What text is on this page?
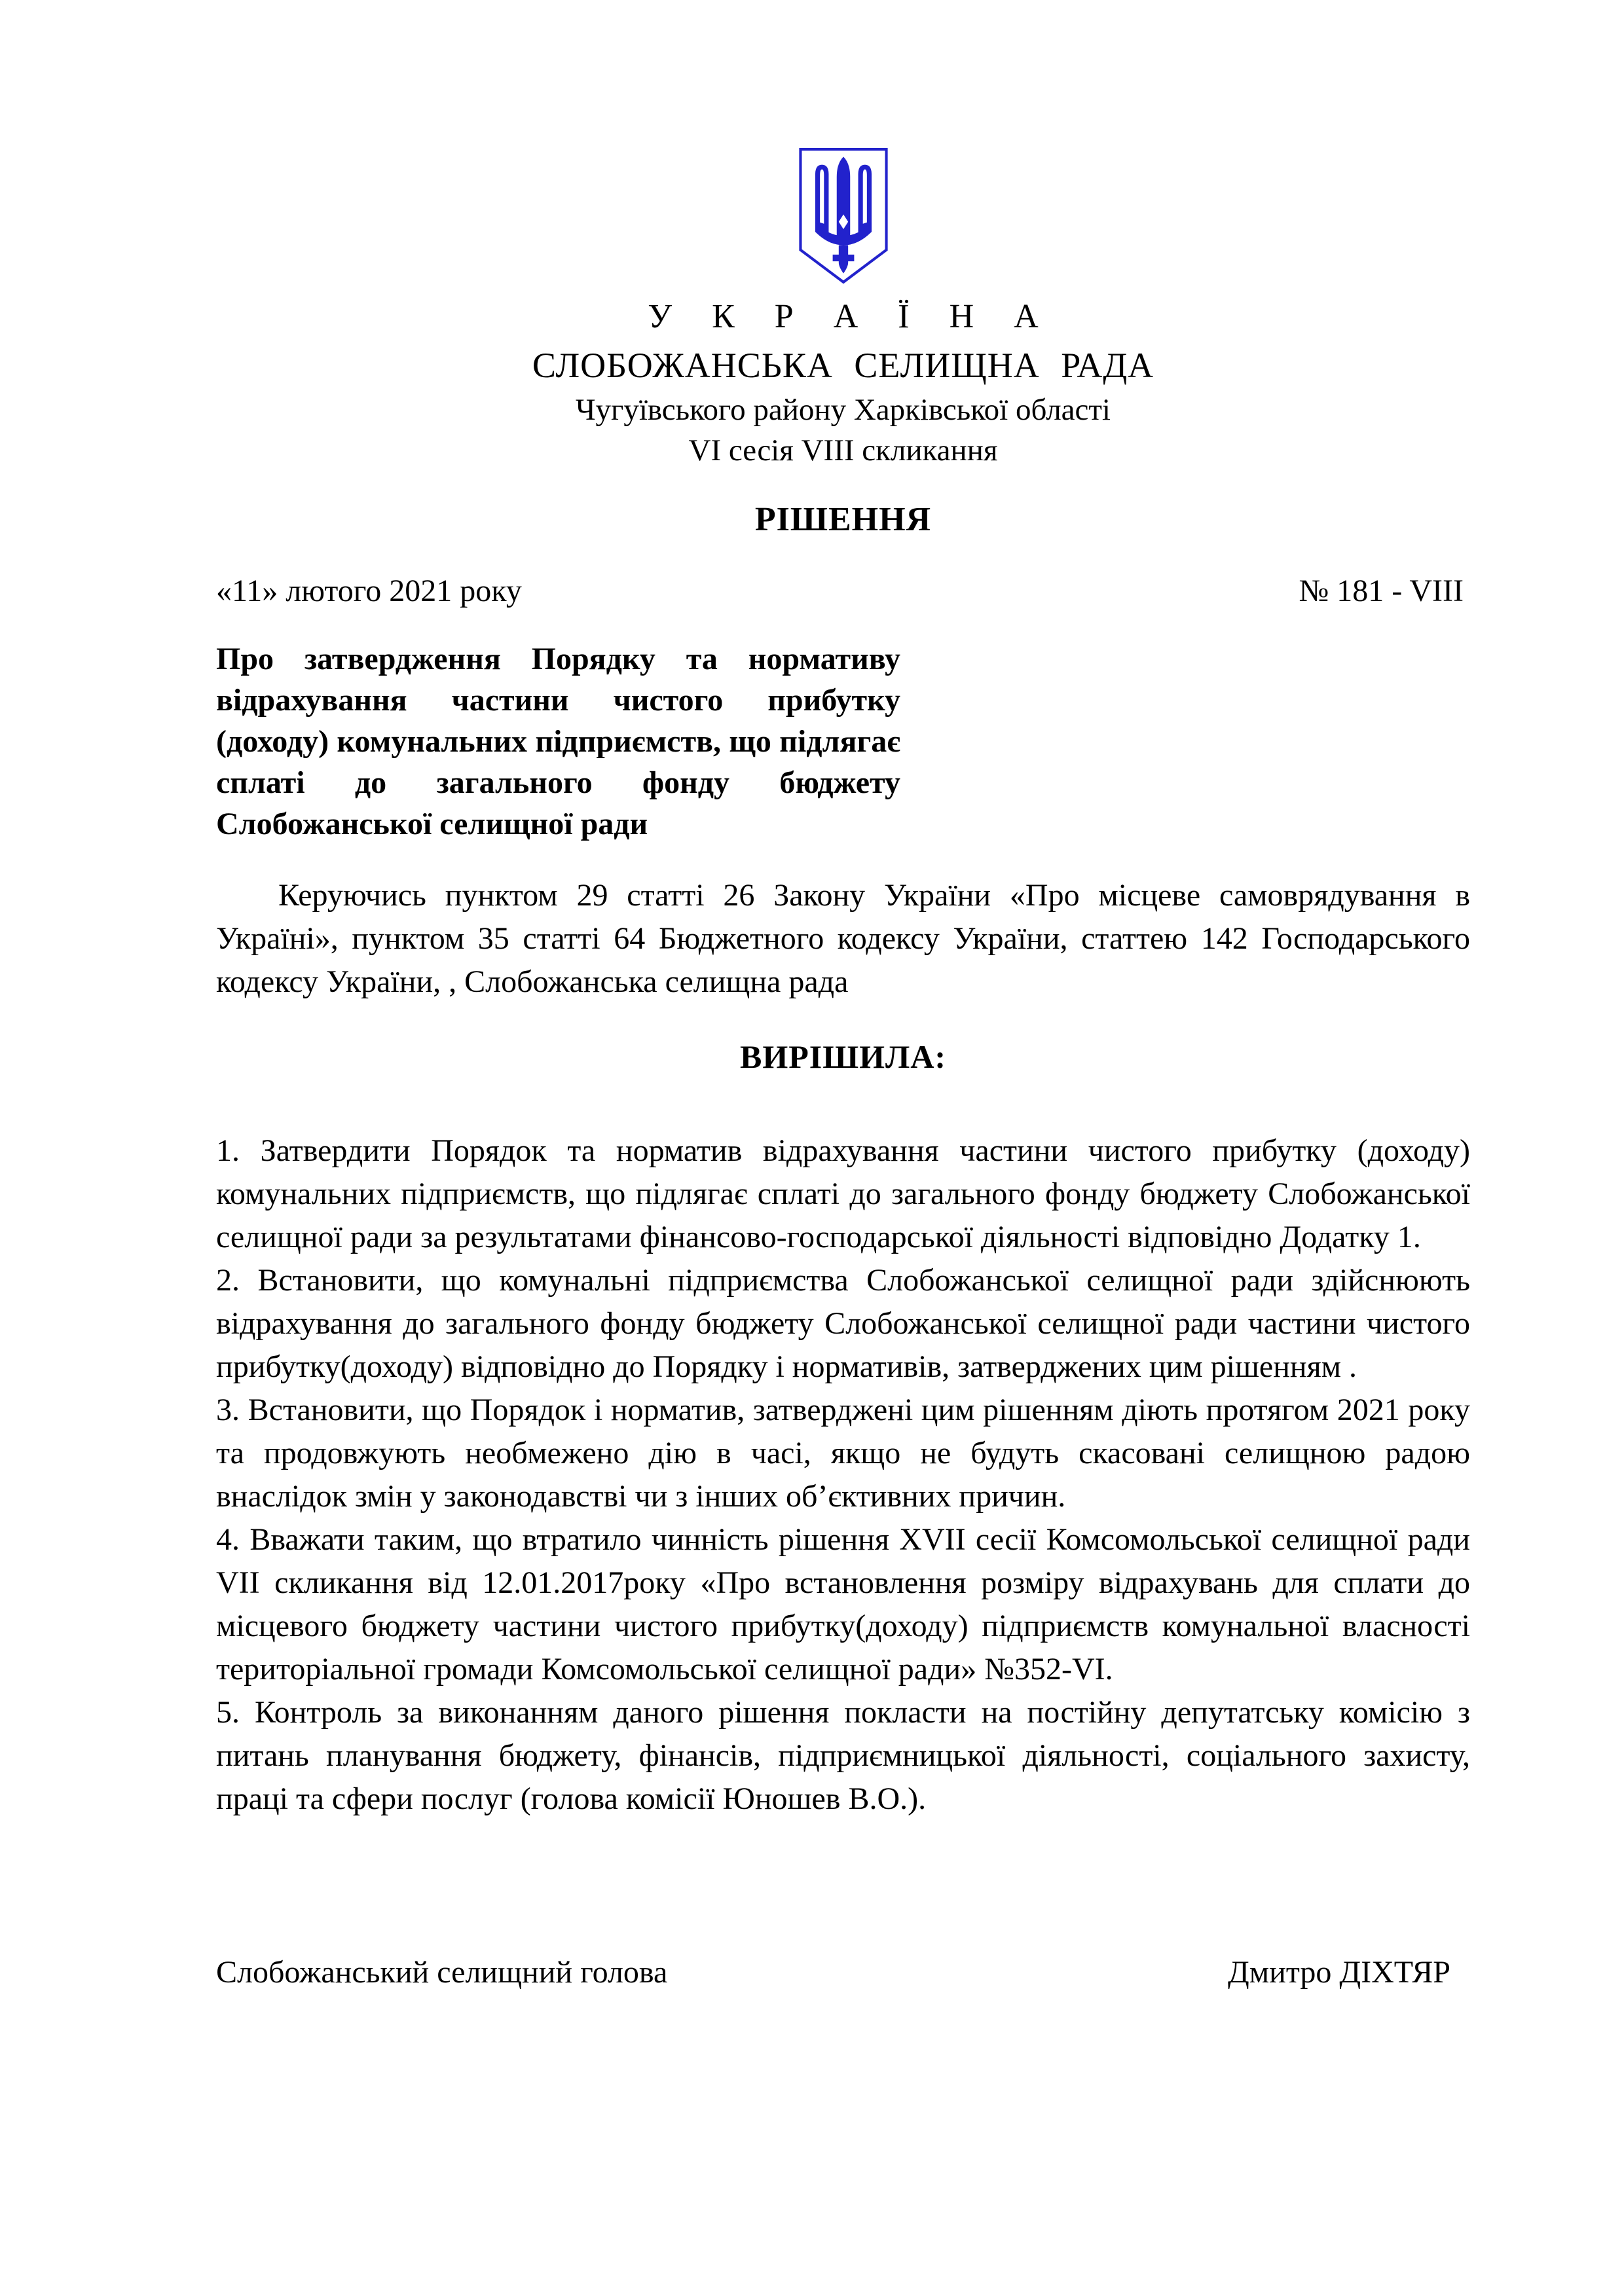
У К Р А Ї Н А
СЛОБОЖАНСЬКА СЕЛИЩНА РАДА
Чугуївського району Харківської області
VI сесія VIII скликання
РІШЕННЯ
«11» лютого 2021 року	№ 181 - VIII
Про затвердження Порядку та нормативу відрахування частини чистого прибутку (доходу) комунальних підприємств, що підлягає сплаті до загального фонду бюджету Слобожанської селищної ради
Керуючись пунктом 29 статті 26 Закону України «Про місцеве самоврядування в Україні», пунктом 35 статті 64 Бюджетного кодексу України, статтею 142 Господарського кодексу України, , Слобожанська селищна рада
ВИРІШИЛА:

1. Затвердити Порядок та норматив відрахування частини чистого прибутку (доходу) комунальних підприємств, що підлягає сплаті до загального фонду бюджету Слобожанської селищної ради за результатами фінансово-господарської діяльності відповідно Додатку 1.

2. Встановити, що комунальні підприємства Слобожанської селищної ради здійснюють відрахування до загального фонду бюджету Слобожанської селищної ради частини чистого прибутку(доходу) відповідно до Порядку і нормативів, затверджених цим рішенням .

3. Встановити, що Порядок і норматив, затверджені цим рішенням діють протягом 2021 року та продовжують необмежено дію в часі, якщо не будуть скасовані селищною радою внаслідок змін у законодавстві чи з інших об’єктивних причин.

4. Вважати таким, що втратило чинність рішення XVII сесії Комсомольської селищної ради VII скликання від 12.01.2017року «Про встановлення розміру відрахувань для сплати до місцевого бюджету частини чистого прибутку(доходу) підприємств комунальної власності територіальної громади Комсомольської селищної ради» №352-VI.

5. Контроль за виконанням даного рішення покласти на постійну депутатську комісію з питань планування бюджету, фінансів, підприємницької діяльності, соціального захисту, праці та сфери послуг (голова комісії Юношев В.О.).

Слобожанський селищний голова	Дмитро ДІХТЯР
